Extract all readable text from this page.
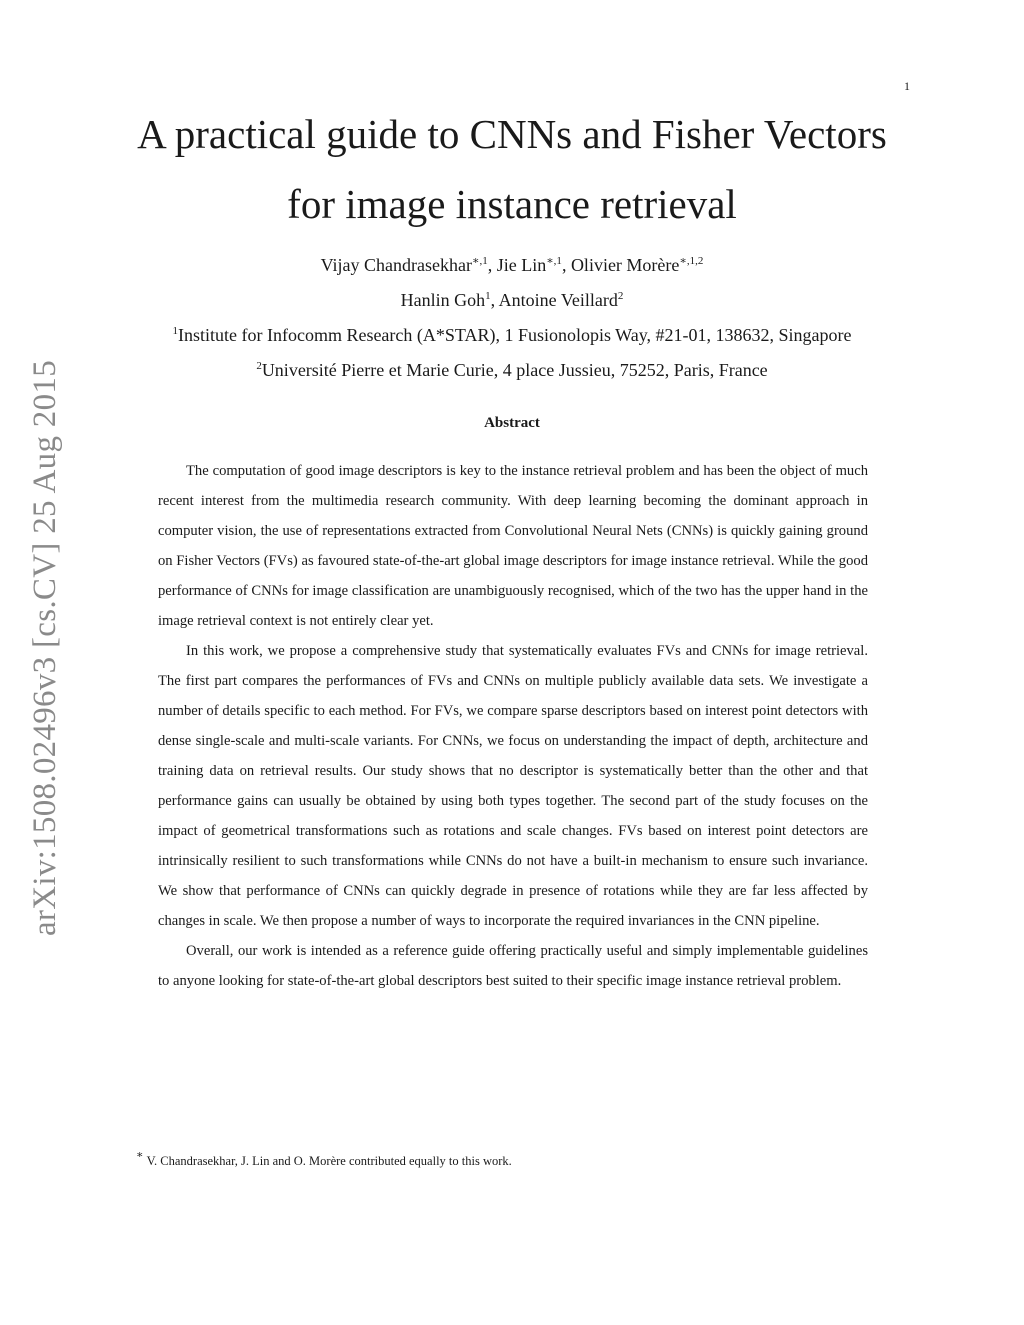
1
arXiv:1508.02496v3 [cs.CV] 25 Aug 2015
A practical guide to CNNs and Fisher Vectors
for image instance retrieval
Vijay Chandrasekhar$^{∗,1}$, Jie Lin$^{∗,1}$, Olivier Morère$^{∗,1,2}$
Hanlin Goh$^1$, Antoine Veillard$^2$
$^1$Institute for Infocomm Research (A*STAR), 1 Fusionolopis Way, #21-01, 138632, Singapore
$^2$Université Pierre et Marie Curie, 4 place Jussieu, 75252, Paris, France
Abstract

The computation of good image descriptors is key to the instance retrieval problem and has been the object of much recent interest from the multimedia research community. With deep learning becoming the dominant approach in computer vision, the use of representations extracted from Convolutional Neural Nets (CNNs) is quickly gaining ground on Fisher Vectors (FVs) as favoured state-of-the-art global image descriptors for image instance retrieval. While the good performance of CNNs for image classification are unambiguously recognised, which of the two has the upper hand in the image retrieval context is not entirely clear yet.

In this work, we propose a comprehensive study that systematically evaluates FVs and CNNs for image retrieval. The first part compares the performances of FVs and CNNs on multiple publicly available data sets. We investigate a number of details specific to each method. For FVs, we compare sparse descriptors based on interest point detectors with dense single-scale and multi-scale variants. For CNNs, we focus on understanding the impact of depth, architecture and training data on retrieval results. Our study shows that no descriptor is systematically better than the other and that performance gains can usually be obtained by using both types together. The second part of the study focuses on the impact of geometrical transformations such as rotations and scale changes. FVs based on interest point detectors are intrinsically resilient to such transformations while CNNs do not have a built-in mechanism to ensure such invariance. We show that performance of CNNs can quickly degrade in presence of rotations while they are far less affected by changes in scale. We then propose a number of ways to incorporate the required invariances in the CNN pipeline.

Overall, our work is intended as a reference guide offering practically useful and simply implementable guidelines to anyone looking for state-of-the-art global descriptors best suited to their specific image instance retrieval problem.

∗ V. Chandrasekhar, J. Lin and O. Morère contributed equally to this work.
